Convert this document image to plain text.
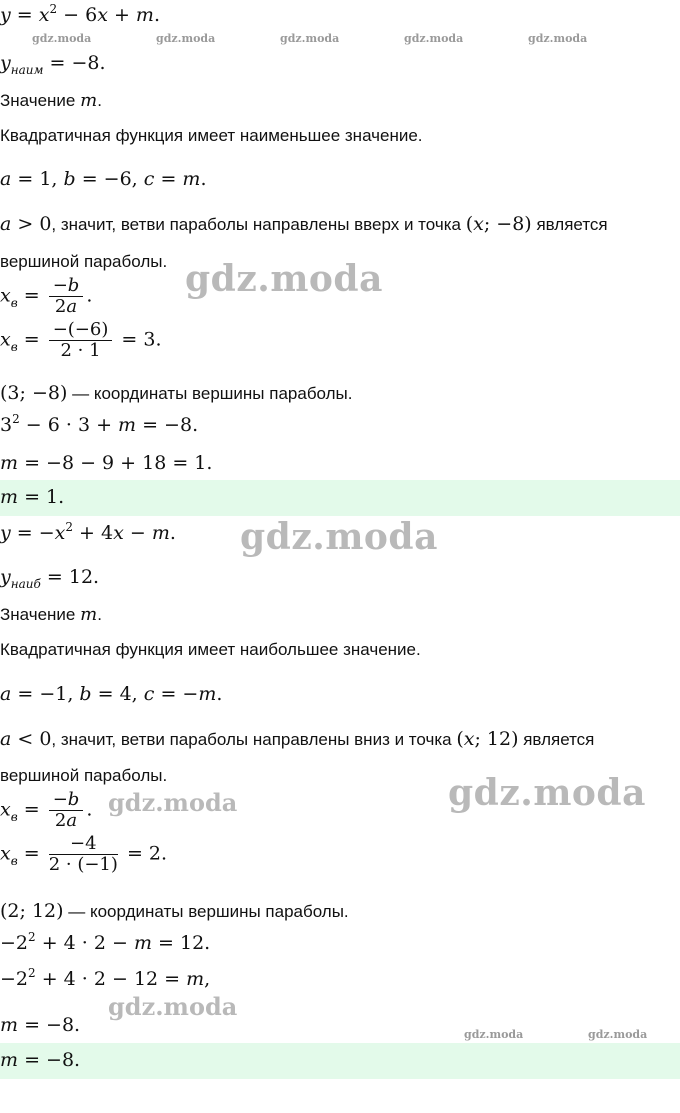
gdz.moda	gdz.moda	gdz.moda	gdz.moda	gdz.moda
$y = x^2 - 6x + m$.
$y_{наим} = -8$.
Значение m.
Квадратичная функция имеет наименьшее значение.
a = 1, b = −6, c = m.
a > 0, значит, ветви параболы направлены вверх и точка (x; −8) является
вершиной параболы. gdz.moda
$x_в = \frac{-b}{2a}$ .
$x_в = \frac{-(-6)}{2 \cdot 1} = 3$.
(3; −8) — координаты вершины параболы.
$3^2 - 6 \cdot 3 + m = -8$.
m = −8 − 9 + 18 = 1.
m = 1.
$y = -x^2 + 4x - m$. gdz.moda
$y_{наиб} = 12$.
Значение m.
Квадратичная функция имеет наибольшее значение.
a = −1, b = 4, c = −m.
a < 0, значит, ветви параболы направлены вниз и точка (x; 12) является
вершиной параболы.	gdz.moda
gdz.moda
$x_в = \frac{-b}{2a}$ .
$x_в = \frac{-4}{2 \cdot (-1)} = 2$.
(2; 12) — координаты вершины параболы.
$-2^2 + 4 \cdot 2 - m = 12$.
$-2^2 + 4 \cdot 2 - 12 = m$,
gdz.moda
m = −8.	gdz.moda	gdz.moda
m = −8.
